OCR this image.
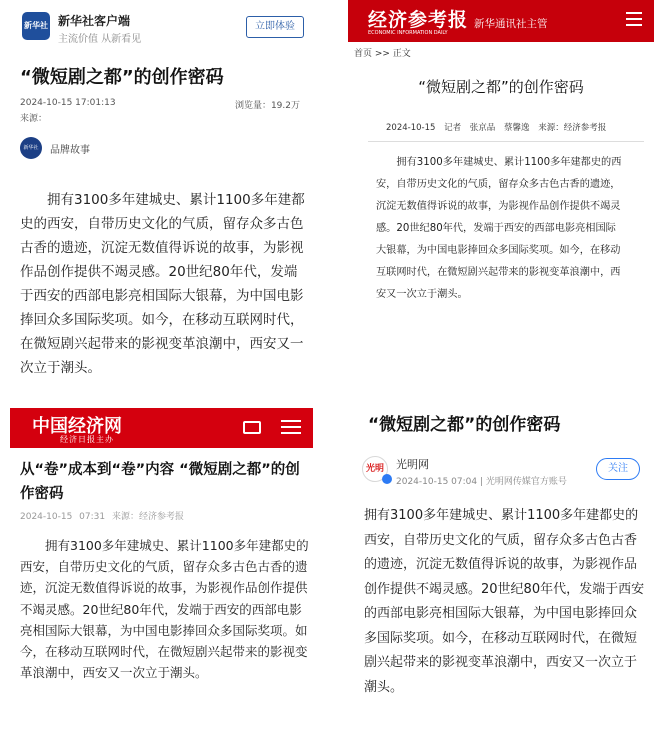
新华社 新华社客户端
主流价值 从新看见
立即体验
“微短剧之都”的创作密码
2024-10-15 17:01:13	浏览量：19.2万
来源：
新华社	品牌故事

拥有3100多年建城史、累计1100多年建都史的西安，自带历史文化的气质，留存众多古色古香的遗迹，沉淀无数值得诉说的故事，为影视作品创作提供不竭灵感。20世纪80年代，发端于西安的西部电影亮相国际大银幕，为中国电影捧回众多国际奖项。如今，在移动互联网时代，在微短剧兴起带来的影视变革浪潮中，西安又一次立于潮头。

经济参考报
ECONOMIC INFORMATION DAILY
新华通讯社主管
首页 >> 正文
“微短剧之都”的创作密码
2024-10-15 记者 张京品 蔡馨逸 来源：经济参考报

拥有3100多年建城史、累计1100多年建都史的西安，自带历史文化的气质，留存众多古色古香的遗迹，沉淀无数值得诉说的故事，为影视作品创作提供不竭灵感。20世纪80年代，发端于西安的西部电影亮相国际大银幕，为中国电影捧回众多国际奖项。如今，在移动互联网时代，在微短剧兴起带来的影视变革浪潮中，西安又一次立于潮头。

中国经济网
经济日报主办
从“卷”成本到“卷”内容 “微短剧之都”的创作密码
2024-10-15 07:31 来源：经济参考报

拥有3100多年建城史、累计1100多年建都史的西安，自带历史文化的气质，留存众多古色古香的遗迹，沉淀无数值得诉说的故事，为影视作品创作提供不竭灵感。20世纪80年代，发端于西安的西部电影亮相国际大银幕，为中国电影捧回众多国际奖项。如今，在移动互联网时代，在微短剧兴起带来的影视变革浪潮中，西安又一次立于潮头。

“微短剧之都”的创作密码
光明	光明网
2024-10-15 07:04 | 光明网传媒官方账号
关注

拥有3100多年建城史、累计1100多年建都史的西安，自带历史文化的气质，留存众多古色古香的遗迹，沉淀无数值得诉说的故事，为影视作品创作提供不竭灵感。20世纪80年代，发端于西安的西部电影亮相国际大银幕，为中国电影捧回众多国际奖项。如今，在移动互联网时代，在微短剧兴起带来的影视变革浪潮中，西安又一次立于潮头。
